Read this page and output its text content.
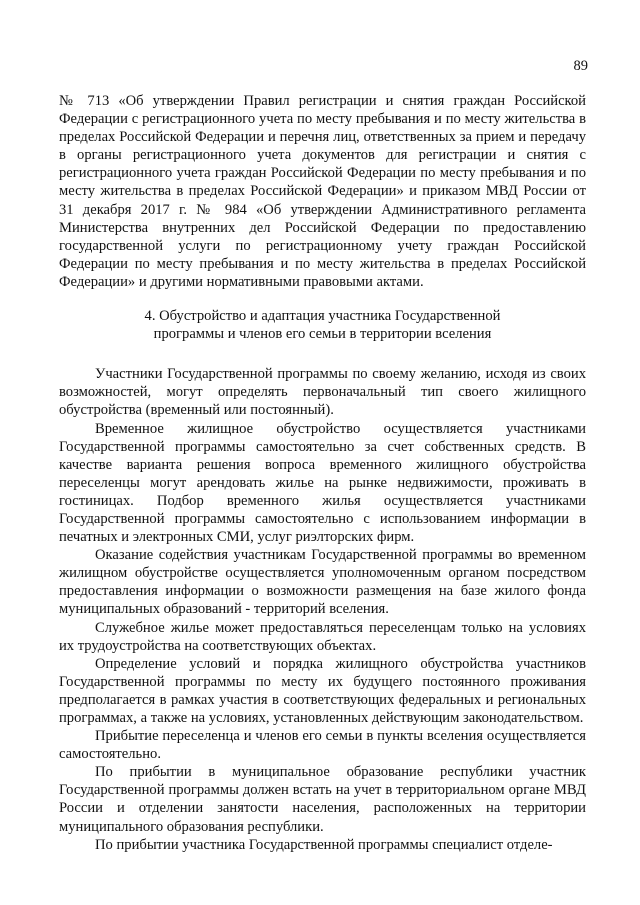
89

№ 713 «Об утверждении Правил регистрации и снятия граждан Российской Федерации с регистрационного учета по месту пребывания и по месту жительства в пределах Российской Федерации и перечня лиц, ответственных за прием и передачу в органы регистрационного учета документов для регистрации и снятия с регистрационного учета граждан Российской Федерации по месту пребывания и по месту жительства в пределах Российской Федерации» и приказом МВД России от 31 декабря 2017 г. № 984 «Об утверждении Административного регламента Министерства внутренних дел Российской Федерации по предоставлению государственной услуги по регистрационному учету граждан Российской Федерации по месту пребывания и по месту жительства в пределах Российской Федерации» и другими нормативными правовыми актами.

4. Обустройство и адаптация участника Государственной
программы и членов его семьи в территории вселения

Участники Государственной программы по своему желанию, исходя из своих возможностей, могут определять первоначальный тип своего жилищного обустройства (временный или постоянный).

Временное жилищное обустройство осуществляется участниками Государственной программы самостоятельно за счет собственных средств. В качестве варианта решения вопроса временного жилищного обустройства переселенцы могут арендовать жилье на рынке недвижимости, проживать в гостиницах. Подбор временного жилья осуществляется участниками Государственной программы самостоятельно с использованием информации в печатных и электронных СМИ, услуг риэлторских фирм.

Оказание содействия участникам Государственной программы во временном жилищном обустройстве осуществляется уполномоченным органом посредством предоставления информации о возможности размещения на базе жилого фонда муниципальных образований - территорий вселения.

Служебное жилье может предоставляться переселенцам только на условиях их трудоустройства на соответствующих объектах.

Определение условий и порядка жилищного обустройства участников Государственной программы по месту их будущего постоянного проживания предполагается в рамках участия в соответствующих федеральных и региональных программах, а также на условиях, установленных действующим законодательством.

Прибытие переселенца и членов его семьи в пункты вселения осуществляется самостоятельно.

По прибытии в муниципальное образование республики участник Государственной программы должен встать на учет в территориальном органе МВД России и отделении занятости населения, расположенных на территории муниципального образования республики.

По прибытии участника Государственной программы специалист отделе-
